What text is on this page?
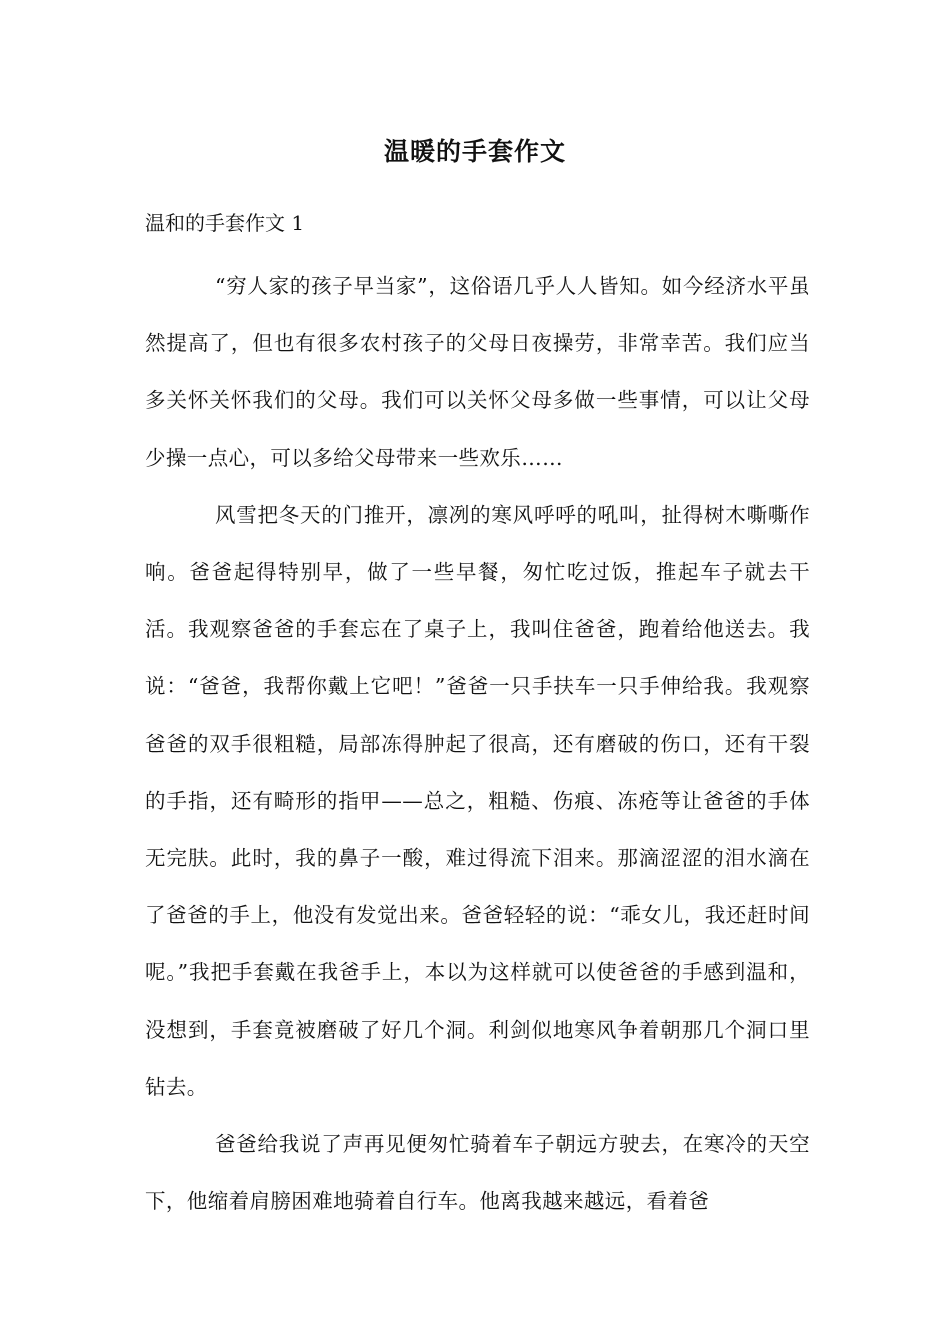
温暖的手套作文
温和的手套作文 1

“穷人家的孩子早当家”，这俗语几乎人人皆知。如今经济水平虽然提高了，但也有很多农村孩子的父母日夜操劳，非常幸苦。我们应当多关怀关怀我们的父母。我们可以关怀父母多做一些事情，可以让父母少操一点心，可以多给父母带来一些欢乐……

风雪把冬天的门推开，凛冽的寒风呼呼的吼叫，扯得树木嘶嘶作响。爸爸起得特别早，做了一些早餐，匆忙吃过饭，推起车子就去干活。我观察爸爸的手套忘在了桌子上，我叫住爸爸，跑着给他送去。我说：“爸爸，我帮你戴上它吧！”爸爸一只手扶车一只手伸给我。我观察爸爸的双手很粗糙，局部冻得肿起了很高，还有磨破的伤口，还有干裂的手指，还有畸形的指甲——总之，粗糙、伤痕、冻疮等让爸爸的手体无完肤。此时，我的鼻子一酸，难过得流下泪来。那滴涩涩的泪水滴在了爸爸的手上，他没有发觉出来。爸爸轻轻的说：“乖女儿，我还赶时间呢。”我把手套戴在我爸手上，本以为这样就可以使爸爸的手感到温和，没想到，手套竟被磨破了好几个洞。利剑似地寒风争着朝那几个洞口里钻去。

爸爸给我说了声再见便匆忙骑着车子朝远方驶去，在寒冷的天空下，他缩着肩膀困难地骑着自行车。他离我越来越远，看着爸
